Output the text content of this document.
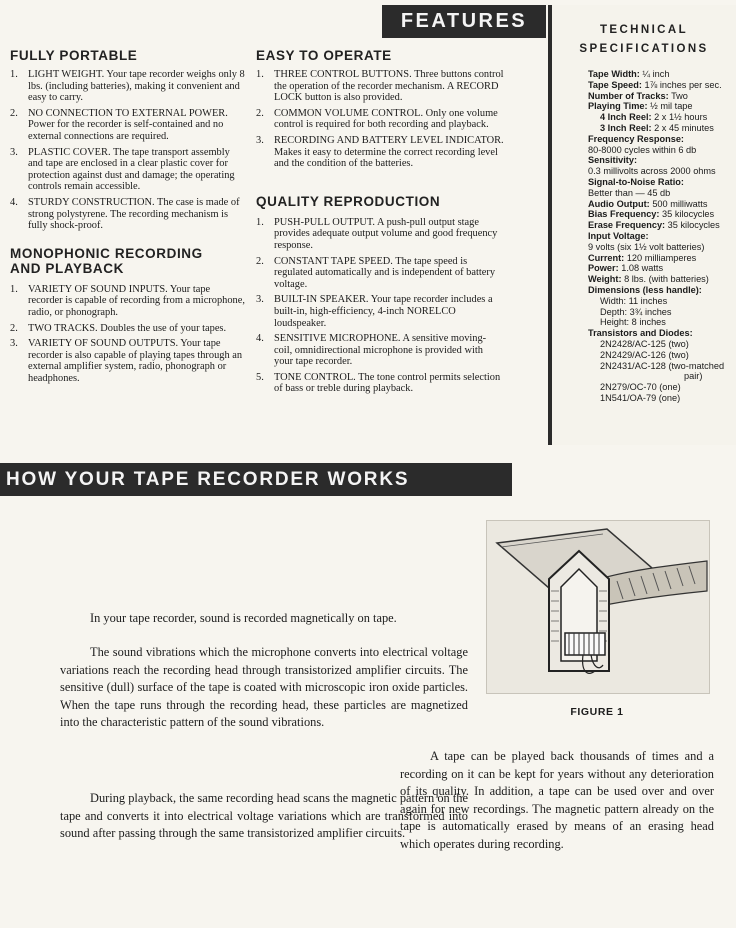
FEATURES
FULLY PORTABLE
1. LIGHT WEIGHT. Your tape recorder weighs only 8 lbs. (including batteries), making it convenient and easy to carry.
2. NO CONNECTION TO EXTERNAL POWER. Power for the recorder is self-contained and no external connections are required.
3. PLASTIC COVER. The tape transport assembly and tape are enclosed in a clear plastic cover for protection against dust and damage; the operating controls remain accessible.
4. STURDY CONSTRUCTION. The case is made of strong polystyrene. The recording mechanism is fully shock-proof.
MONOPHONIC RECORDING
AND PLAYBACK
1. VARIETY OF SOUND INPUTS. Your tape recorder is capable of recording from a microphone, radio, or phonograph.
2. TWO TRACKS. Doubles the use of your tapes.
3. VARIETY OF SOUND OUTPUTS. Your tape recorder is also capable of playing tapes through an external amplifier system, radio, phonograph or headphones.
EASY TO OPERATE
1. THREE CONTROL BUTTONS. Three buttons control the operation of the recorder mechanism. A RECORD LOCK button is also provided.
2. COMMON VOLUME CONTROL. Only one volume control is required for both recording and playback.
3. RECORDING AND BATTERY LEVEL INDICATOR. Makes it easy to determine the correct recording level and the condition of the batteries.
QUALITY REPRODUCTION
1. PUSH-PULL OUTPUT. A push-pull output stage provides adequate output volume and good frequency response.
2. CONSTANT TAPE SPEED. The tape speed is regulated automatically and is independent of battery voltage.
3. BUILT-IN SPEAKER. Your tape recorder includes a built-in, high-efficiency, 4-inch NORELCO loudspeaker.
4. SENSITIVE MICROPHONE. A sensitive moving-coil, omnidirectional microphone is provided with your tape recorder.
5. TONE CONTROL. The tone control permits selection of bass or treble during playback.
TECHNICAL
SPECIFICATIONS
Tape Width: ¼ inch
Tape Speed: 1⅞ inches per sec.
Number of Tracks: Two
Playing Time: ½ mil tape
4 Inch Reel: 2 x 1½ hours
3 Inch Reel: 2 x 45 minutes
Frequency Response:
80-8000 cycles within 6 db
Sensitivity:
0.3 millivolts across 2000 ohms
Signal-to-Noise Ratio:
Better than — 45 db
Audio Output: 500 milliwatts
Bias Frequency: 35 kilocycles
Erase Frequency: 35 kilocycles
Input Voltage:
9 volts (six 1½ volt batteries)
Current: 120 milliamperes
Power: 1.08 watts
Weight: 8 lbs. (with batteries)
Dimensions (less handle):
Width: 11 inches
Depth: 3¾ inches
Height: 8 inches
Transistors and Diodes:
2N2428/AC-125 (two)
2N2429/AC-126 (two)
2N2431/AC-128 (two-matched
pair)
2N279/OC-70 (one)
1N541/OA-79 (one)
HOW YOUR TAPE RECORDER WORKS
FIGURE 1
In your tape recorder, sound is recorded magnetically on tape.
The sound vibrations which the microphone converts into electrical voltage variations reach the recording head through transistorized amplifier circuits. The sensitive (dull) surface of the tape is coated with microscopic iron oxide particles. When the tape runs through the recording head, these particles are magnetized into the characteristic pattern of the sound vibrations.
During playback, the same recording head scans the magnetic pattern on the tape and converts it into electrical voltage variations which are transformed into sound after passing through the same transistorized amplifier circuits.
A tape can be played back thousands of times and a recording on it can be kept for years without any deterioration of its quality. In addition, a tape can be used over and over again for new recordings. The magnetic pattern already on the tape is automatically erased by means of an erasing head which operates during recording.
